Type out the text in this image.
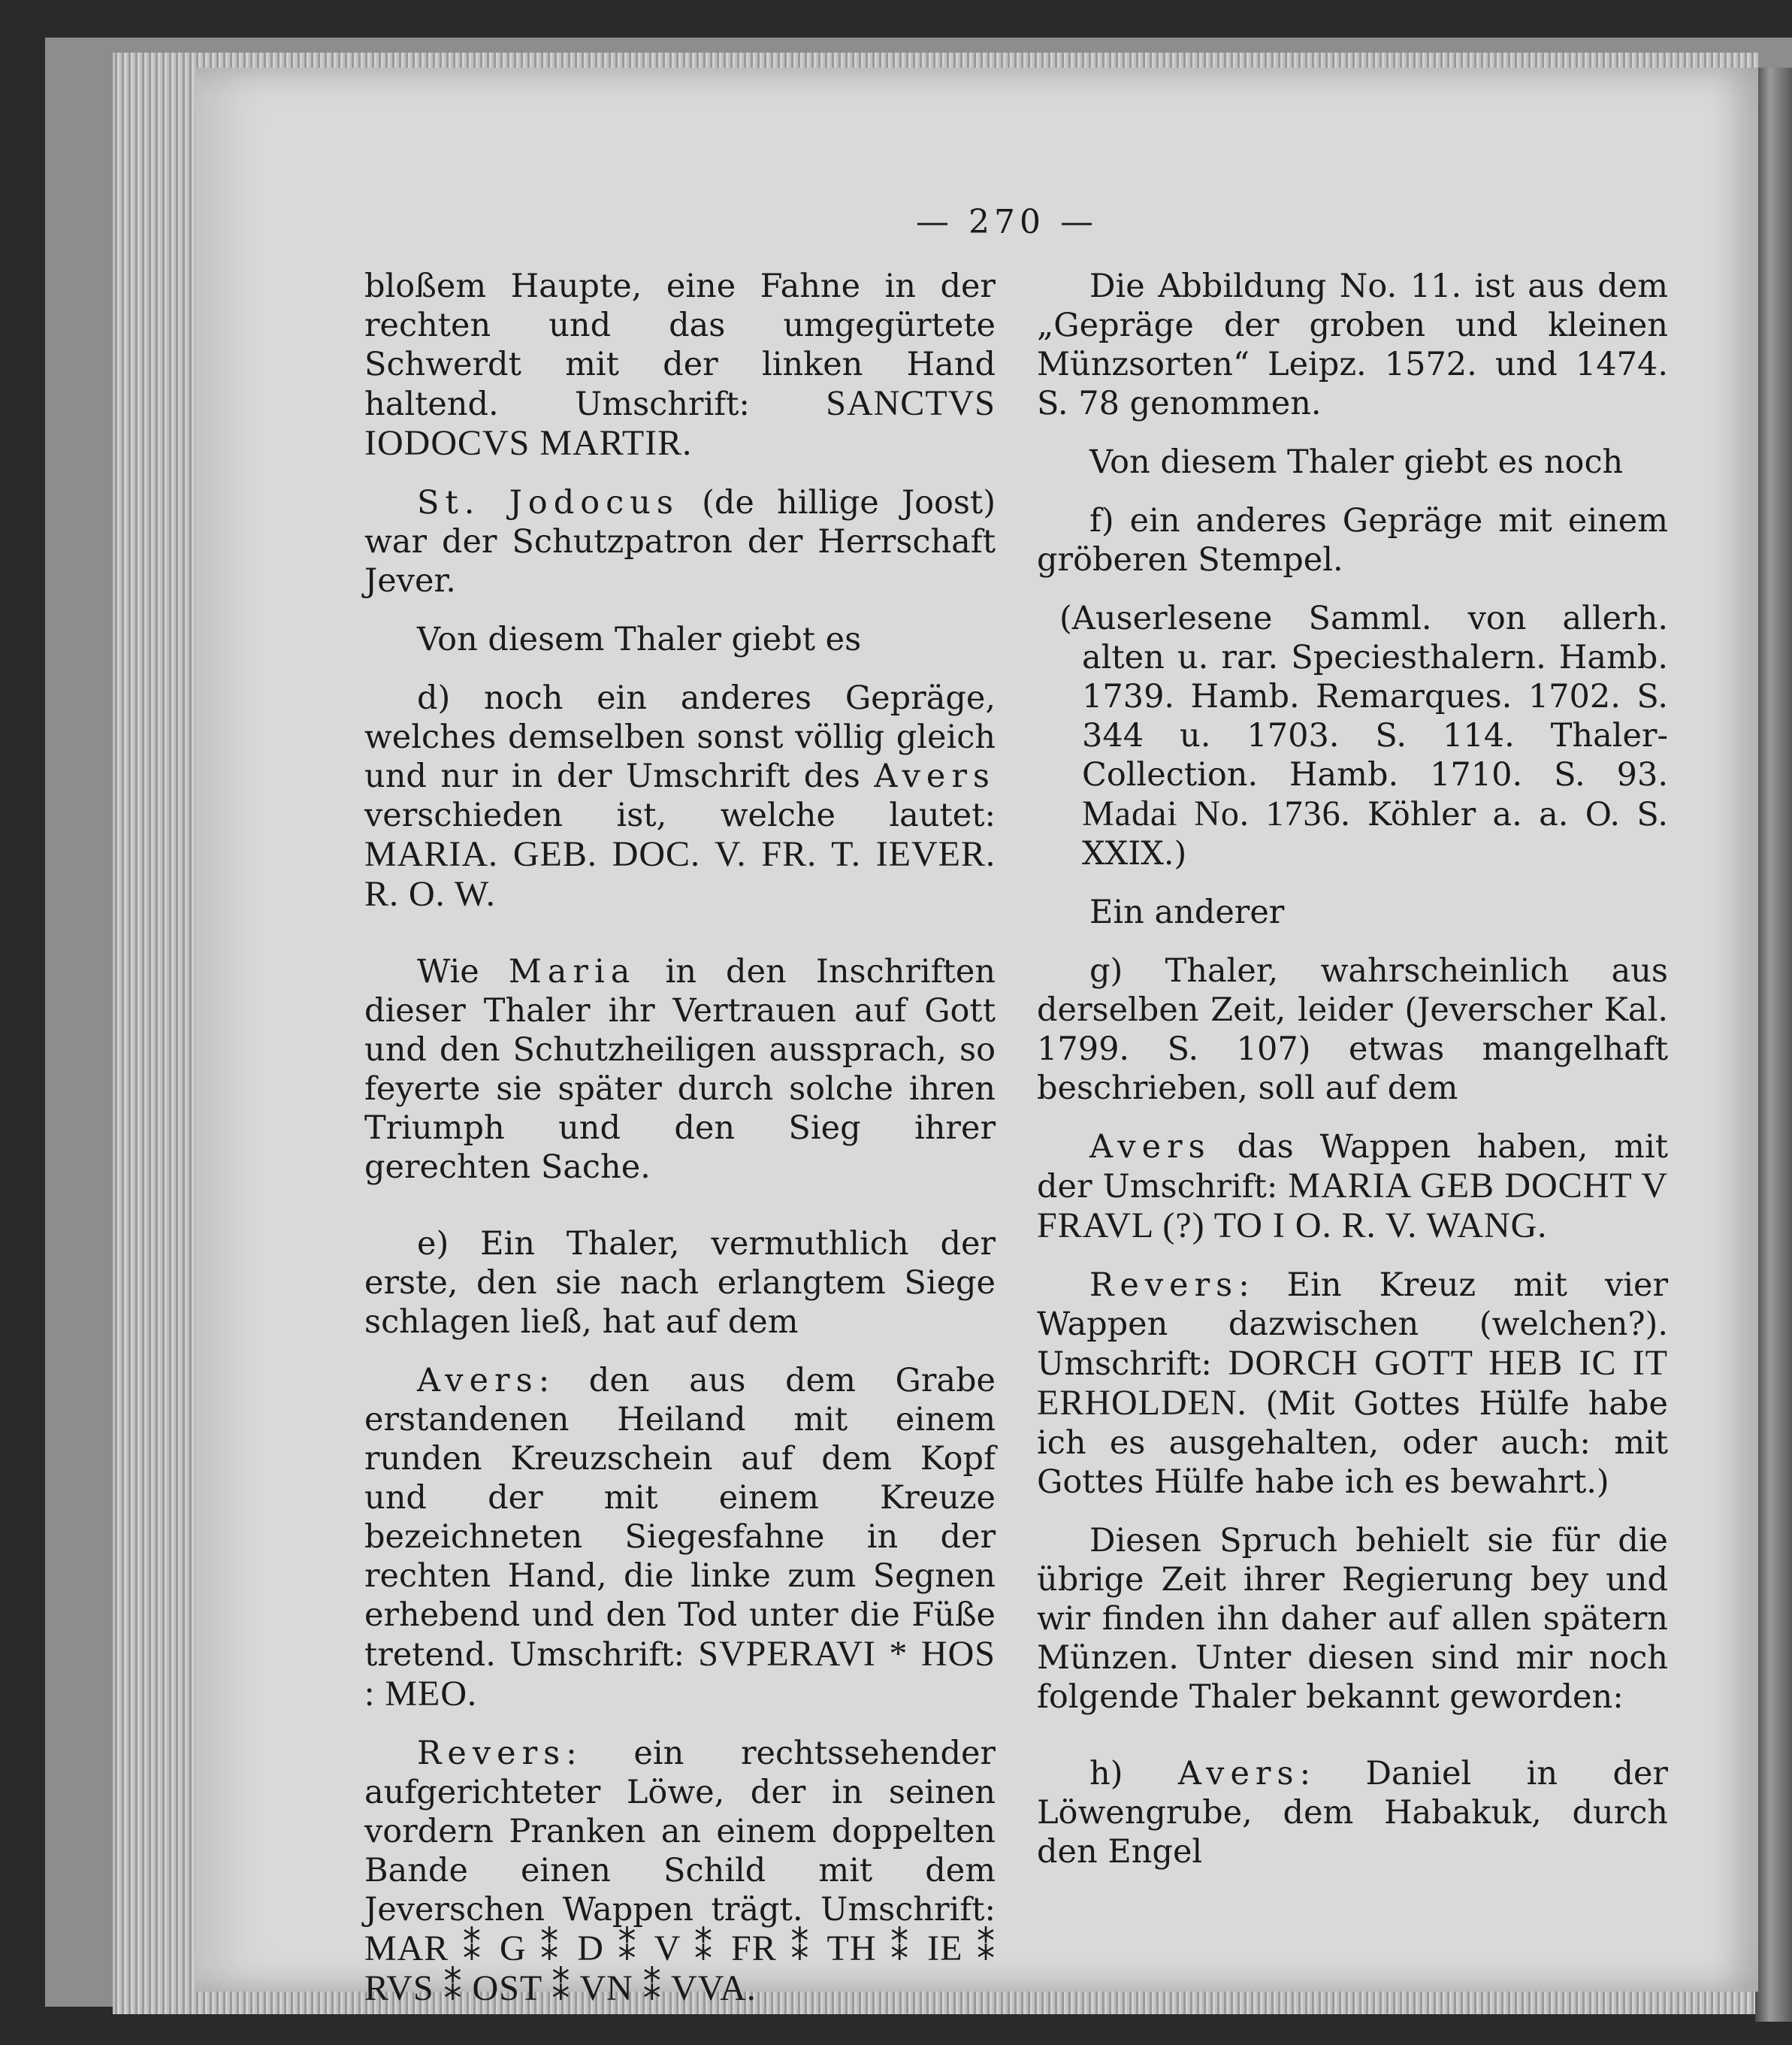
— 270 —

bloßem Haupte, eine Fahne in der rechten und das umgegürtete Schwerdt mit der linken Hand haltend. Umschrift: SANCTVS IODOCVS MARTIR.

St. Jodocus (de hillige Joost) war der Schutzpatron der Herrschaft Jever.

Von diesem Thaler giebt es

d) noch ein anderes Gepräge, welches demselben sonst völlig gleich und nur in der Umschrift des Avers verschieden ist, welche lautet: MARIA. GEB. DOC. V. FR. T. IEVER. R. O. W.

Wie Maria in den Inschriften dieser Thaler ihr Vertrauen auf Gott und den Schutzheiligen aussprach, so feyerte sie später durch solche ihren Triumph und den Sieg ihrer gerechten Sache.

e) Ein Thaler, vermuthlich der erste, den sie nach erlangtem Siege schlagen ließ, hat auf dem

Avers: den aus dem Grabe erstandenen Heiland mit einem runden Kreuzschein auf dem Kopf und der mit einem Kreuze bezeichneten Siegesfahne in der rechten Hand, die linke zum Segnen erhebend und den Tod unter die Füße tretend. Umschrift: SVPERAVI * HOS : MEO.

Revers: ein rechtssehender aufgerichteter Löwe, der in seinen vordern Pranken an einem doppelten Bande einen Schild mit dem Jeverschen Wappen trägt. Umschrift: MAR ⁑ G ⁑ D ⁑ V ⁑ FR ⁑ TH ⁑ IE ⁑ RVS ⁑ OST ⁑ VN ⁑ VVA.

Die Abbildung No. 11. ist aus dem „Gepräge der groben und kleinen Münzsorten“ Leipz. 1572. und 1474. S. 78 genommen.

Von diesem Thaler giebt es noch

f) ein anderes Gepräge mit einem gröberen Stempel.

(Auserlesene Samml. von allerh. alten u. rar. Speciesthalern. Hamb. 1739. Hamb. Remarques. 1702. S. 344 u. 1703. S. 114. Thaler-Collection. Hamb. 1710. S. 93. Madai No. 1736. Köhler a. a. O. S. XXIX.)

Ein anderer

g) Thaler, wahrscheinlich aus derselben Zeit, leider (Jeverscher Kal. 1799. S. 107) etwas mangelhaft beschrieben, soll auf dem

Avers das Wappen haben, mit der Umschrift: MARIA GEB DOCHT V FRAVL (?) TO I O. R. V. WANG.

Revers: Ein Kreuz mit vier Wappen dazwischen (welchen?). Umschrift: DORCH GOTT HEB IC IT ERHOLDEN. (Mit Gottes Hülfe habe ich es ausgehalten, oder auch: mit Gottes Hülfe habe ich es bewahrt.)

Diesen Spruch behielt sie für die übrige Zeit ihrer Regierung bey und wir finden ihn daher auf allen spätern Münzen. Unter diesen sind mir noch folgende Thaler bekannt geworden:

h) Avers: Daniel in der Löwengrube, dem Habakuk, durch den Engel
